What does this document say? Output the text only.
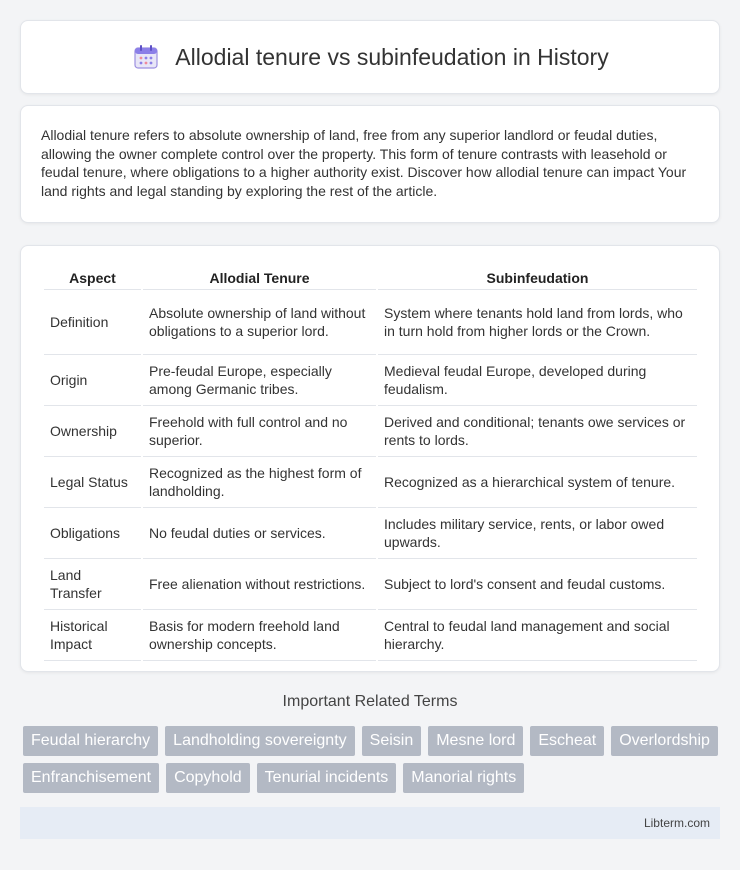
Allodial tenure vs subinfeudation in History

Allodial tenure refers to absolute ownership of land, free from any superior landlord or feudal duties, allowing the owner complete control over the property. This form of tenure contrasts with leasehold or feudal tenure, where obligations to a higher authority exist. Discover how allodial tenure can impact Your land rights and legal standing by exploring the rest of the article.

Aspect	Allodial Tenure	Subinfeudation
Definition	Absolute ownership of land without obligations to a superior lord.	System where tenants hold land from lords, who in turn hold from higher lords or the Crown.
Origin	Pre-feudal Europe, especially among Germanic tribes.	Medieval feudal Europe, developed during feudalism.
Ownership	Freehold with full control and no superior.	Derived and conditional; tenants owe services or rents to lords.
Legal Status	Recognized as the highest form of landholding.	Recognized as a hierarchical system of tenure.
Obligations	No feudal duties or services.	Includes military service, rents, or labor owed upwards.
Land Transfer	Free alienation without restrictions.	Subject to lord's consent and feudal customs.
Historical Impact	Basis for modern freehold land ownership concepts.	Central to feudal land management and social hierarchy.
Important Related Terms
Feudal hierarchy	Landholding sovereignty	Seisin	Mesne lord	Escheat	Overlordship
Enfranchisement	Copyhold	Tenurial incidents	Manorial rights
Libterm.com
